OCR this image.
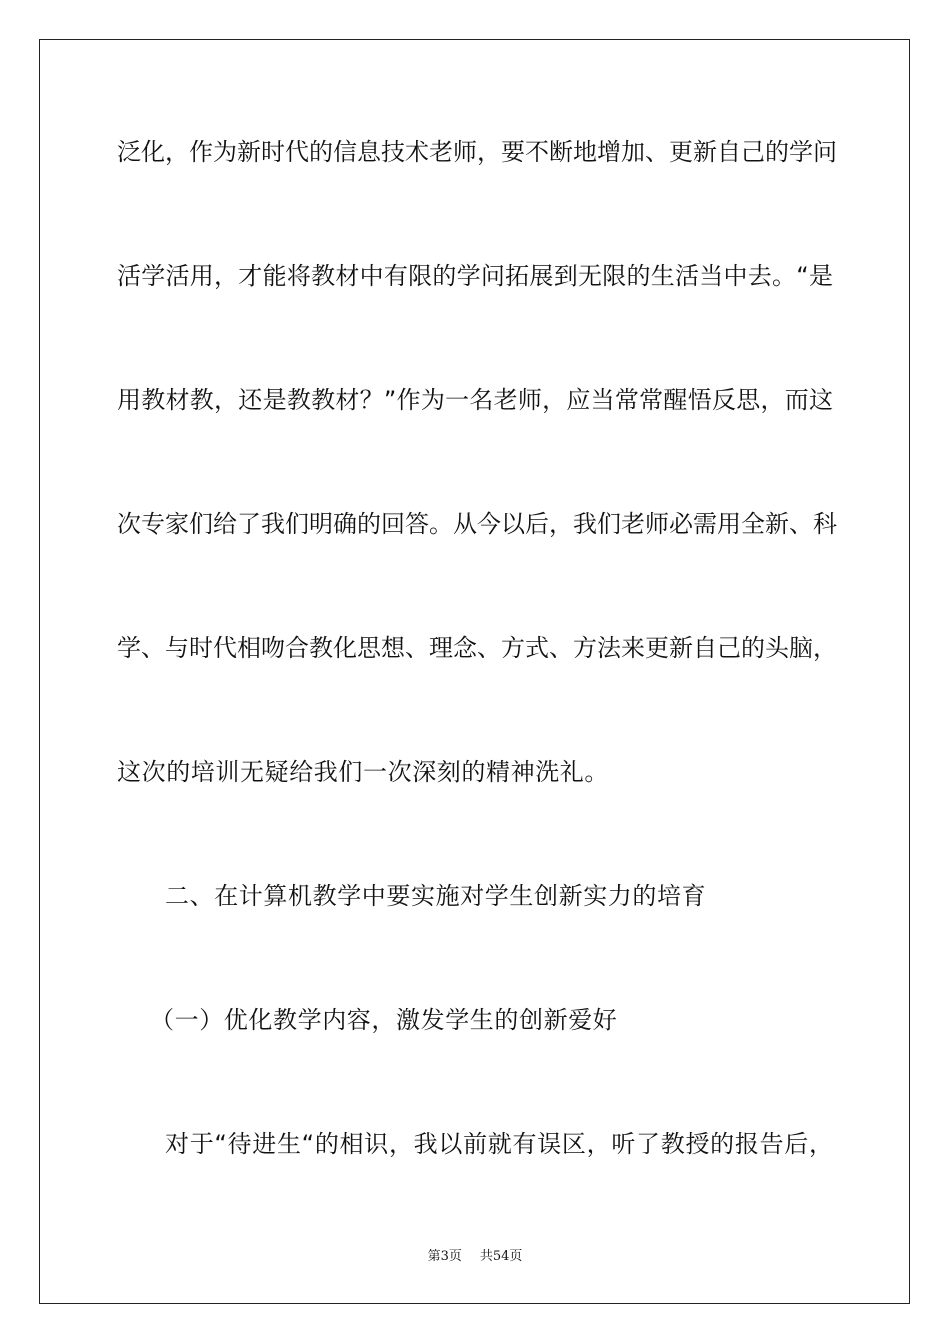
泛化，作为新时代的信息技术老师，要不断地增加、更新自己的学问
活学活用，才能将教材中有限的学问拓展到无限的生活当中去。“是
用教材教，还是教教材？”作为一名老师，应当常常醒悟反思，而这
次专家们给了我们明确的回答。从今以后，我们老师必需用全新、科
学、与时代相吻合教化思想、理念、方式、方法来更新自己的头脑，
这次的培训无疑给我们一次深刻的精神洗礼。
二、在计算机教学中要实施对学生创新实力的培育
（一）优化教学内容，激发学生的创新爱好
对于“待进生“的相识，我以前就有误区，听了教授的报告后，
第3页 共54页
